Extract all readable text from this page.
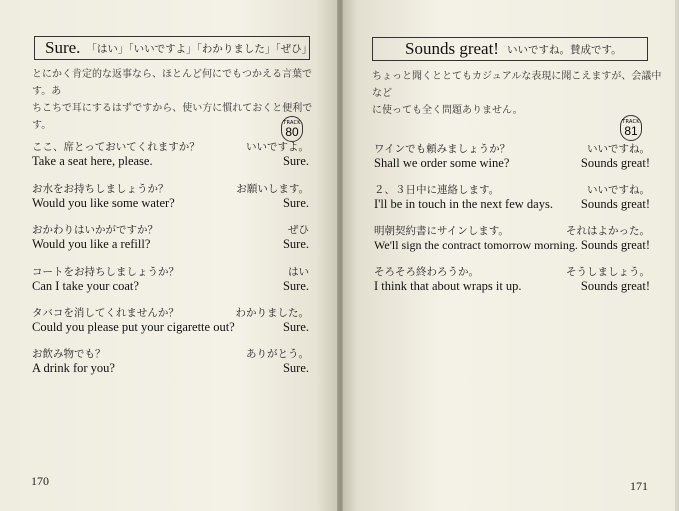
Sure. 「はい」「いいですよ」「わかりました」「ぜひ」
とにかく肯定的な返事なら、ほとんど何にでもつかえる言葉です。あ
ちこちで耳にするはずですから、使い方に慣れておくと便利です。	TRACK
80
ここ、席とっておいてくれますか？
Take a seat here, please.
いいですよ。
Sure.
お水をお持ちしましょうか？
Would you like some water?
お願いします。
Sure.
おかわりはいかがですか？
Would you like a refill?
ぜひ
Sure.
コートをお持ちしましょうか？
Can I take your coat?
はい
Sure.
タバコを消してくれませんか？
Could you please put your cigarette out?
わかりました。
Sure.
お飲み物でも？
A drink for you?
ありがとう。
Sure.
170
Sounds great! いいですね。賛成です。
ちょっと聞くととてもカジュアルな表現に聞こえますが、会議中など
に使っても全く問題ありません。
TRACK
81
ワインでも頼みましょうか？
Shall we order some wine?
いいですね。
Sounds great!
２、３日中に連絡します。
I'll be in touch in the next few days.
いいですね。
Sounds great!
明朝契約書にサインします。
We'll sign the contract tomorrow morning.
それはよかった。
Sounds great!
そろそろ終わろうか。
I think that about wraps it up.
そうしましょう。
Sounds great!
171
